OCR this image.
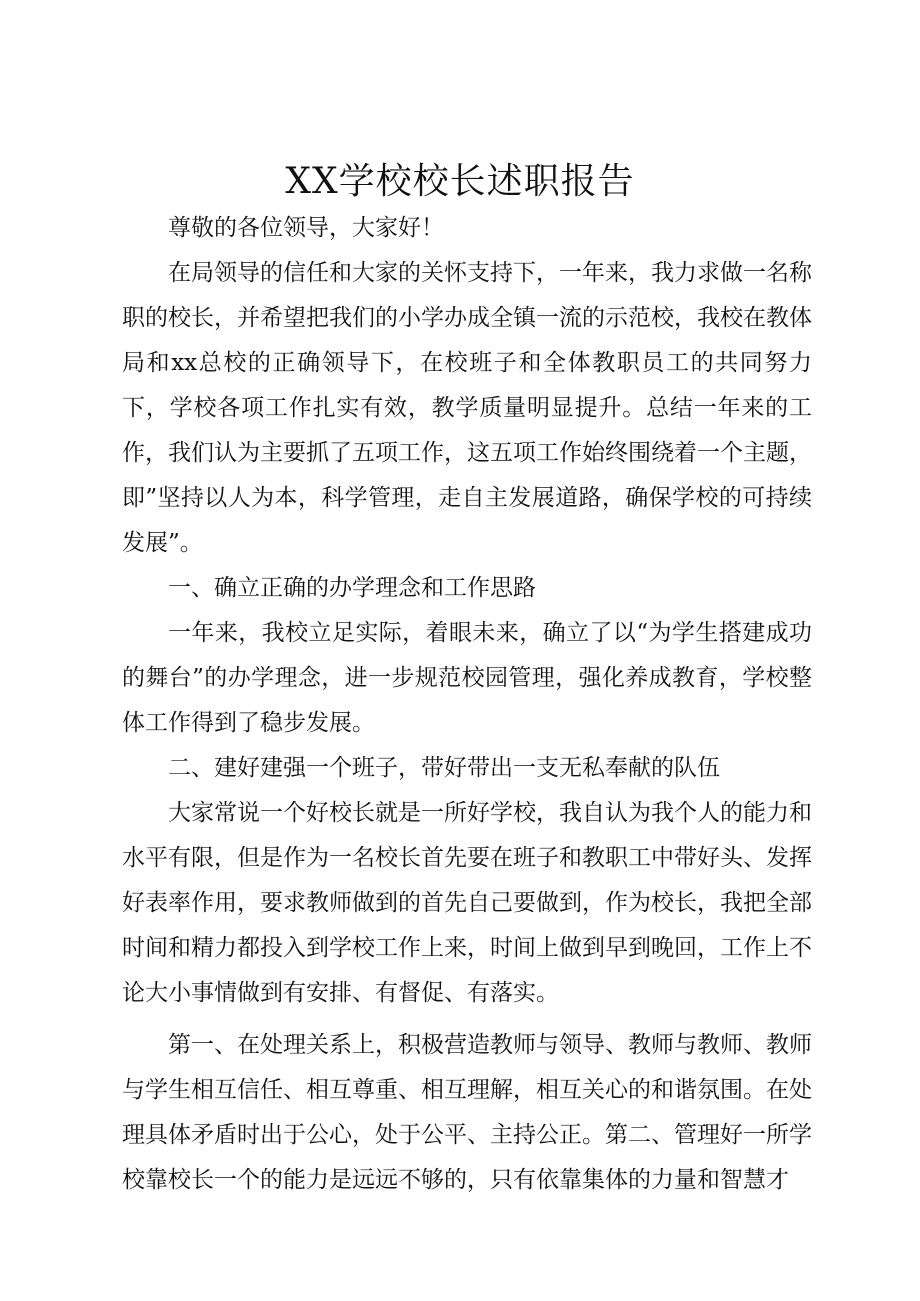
XX学校校长述职报告

尊敬的各位领导，大家好！

在局领导的信任和大家的关怀支持下，一年来，我力求做一名称职的校长，并希望把我们的小学办成全镇一流的示范校，我校在教体局和xx总校的正确领导下，在校班子和全体教职员工的共同努力下，学校各项工作扎实有效，教学质量明显提升。总结一年来的工作，我们认为主要抓了五项工作，这五项工作始终围绕着一个主题，即”坚持以人为本，科学管理，走自主发展道路，确保学校的可持续发展”。

一、确立正确的办学理念和工作思路

一年来，我校立足实际，着眼未来，确立了以“为学生搭建成功的舞台”的办学理念，进一步规范校园管理，强化养成教育，学校整体工作得到了稳步发展。

二、建好建强一个班子，带好带出一支无私奉献的队伍

大家常说一个好校长就是一所好学校，我自认为我个人的能力和水平有限，但是作为一名校长首先要在班子和教职工中带好头、发挥好表率作用，要求教师做到的首先自己要做到，作为校长，我把全部时间和精力都投入到学校工作上来，时间上做到早到晚回，工作上不论大小事情做到有安排、有督促、有落实。

第一、在处理关系上，积极营造教师与领导、教师与教师、教师与学生相互信任、相互尊重、相互理解，相互关心的和谐氛围。在处理具体矛盾时出于公心，处于公平、主持公正。第二、管理好一所学校靠校长一个的能力是远远不够的，只有依靠集体的力量和智慧才
